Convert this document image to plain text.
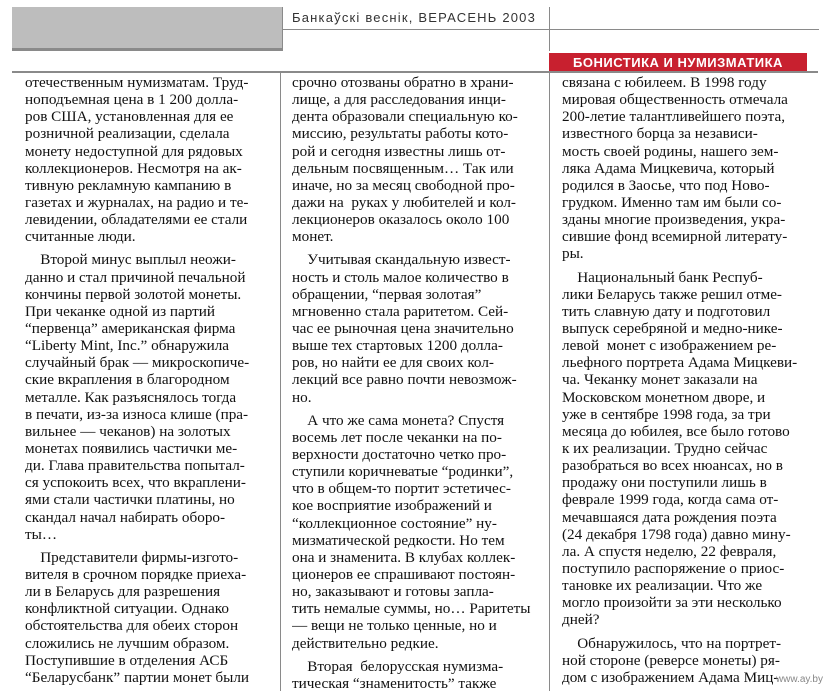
Банкаўскі веснік, ВЕРАСЕНЬ 2003
БОНИСТИКА И НУМИЗМАТИКА
отечественным нумизматам. Труд-
ноподъемная цена в 1 200 долла-
ров США, установленная для ее
розничной реализации, сделала
монету недоступной для рядовых
коллекционеров. Несмотря на ак-
тивную рекламную кампанию в
газетах и журналах, на радио и те-
левидении, обладателями ее стали
считанные люди.
Второй минус выплыл неожи-
данно и стал причиной печальной
кончины первой золотой монеты.
При чеканке одной из партий
“первенца” американская фирма
“Liberty Mint, Inc.” обнаружила
случайный брак — микроскопиче-
ские вкрапления в благородном
металле. Как разъяснялось тогда
в печати, из-за износа клише (пра-
вильнее — чеканов) на золотых
монетах появились частички ме-
ди. Глава правительства попытал-
ся успокоить всех, что вкраплени-
ями стали частички платины, но
скандал начал набирать оборо-
ты…
Представители фирмы-изгото-
вителя в срочном порядке приеха-
ли в Беларусь для разрешения
конфликтной ситуации. Однако
обстоятельства для обеих сторон
сложились не лучшим образом.
Поступившие в отделения АСБ
“Беларусбанк” партии монет были
срочно отозваны обратно в храни-
лище, а для расследования инци-
дента образовали специальную ко-
миссию, результаты работы кото-
рой и сегодня известны лишь от-
дельным посвященным… Так или
иначе, но за месяц свободной про-
дажи на  руках у любителей и кол-
лекционеров оказалось около 100
монет.
Учитывая скандальную извест-
ность и столь малое количество в
обращении, “первая золотая”
мгновенно стала раритетом. Сей-
час ее рыночная цена значительно
выше тех стартовых 1200 долла-
ров, но найти ее для своих кол-
лекций все равно почти невозмож-
но.
А что же сама монета? Спустя
восемь лет после чеканки на по-
верхности достаточно четко про-
ступили коричневатые “родинки”,
что в общем-то портит эстетичес-
кое восприятие изображений и
“коллекционное состояние” ну-
мизматической редкости. Но тем
она и знаменита. В клубах коллек-
ционеров ее спрашивают постоян-
но, заказывают и готовы запла-
тить немалые суммы, но… Раритеты
— вещи не только ценные, но и
действительно редкие.
Вторая  белорусская нумизма-
тическая “знаменитость” также
связана с юбилеем. В 1998 году
мировая общественность отмечала
200-летие талантливейшего поэта,
известного борца за независи-
мость своей родины, нашего зем-
ляка Адама Мицкевича, который
родился в Заосье, что под Ново-
грудком. Именно там им были со-
зданы многие произведения, укра-
сившие фонд всемирной литерату-
ры.
Национальный банк Респуб-
лики Беларусь также решил отме-
тить славную дату и подготовил
выпуск серебряной и медно-нике-
левой  монет с изображением ре-
льефного портрета Адама Мицкеви-
ча. Чеканку монет заказали на
Московском монетном дворе, и
уже в сентябре 1998 года, за три
месяца до юбилея, все было готово
к их реализации. Трудно сейчас
разобраться во всех нюансах, но в
продажу они поступили лишь в
феврале 1999 года, когда сама от-
мечавшаяся дата рождения поэта
(24 декабря 1798 года) давно мину-
ла. А спустя неделю, 22 февраля,
поступило распоряжение о приос-
тановке их реализации. Что же
могло произойти за эти несколько
дней?
Обнаружилось, что на портрет-
ной стороне (реверсе монеты) ря-
дом с изображением Адама Миц-
www.ay.by
